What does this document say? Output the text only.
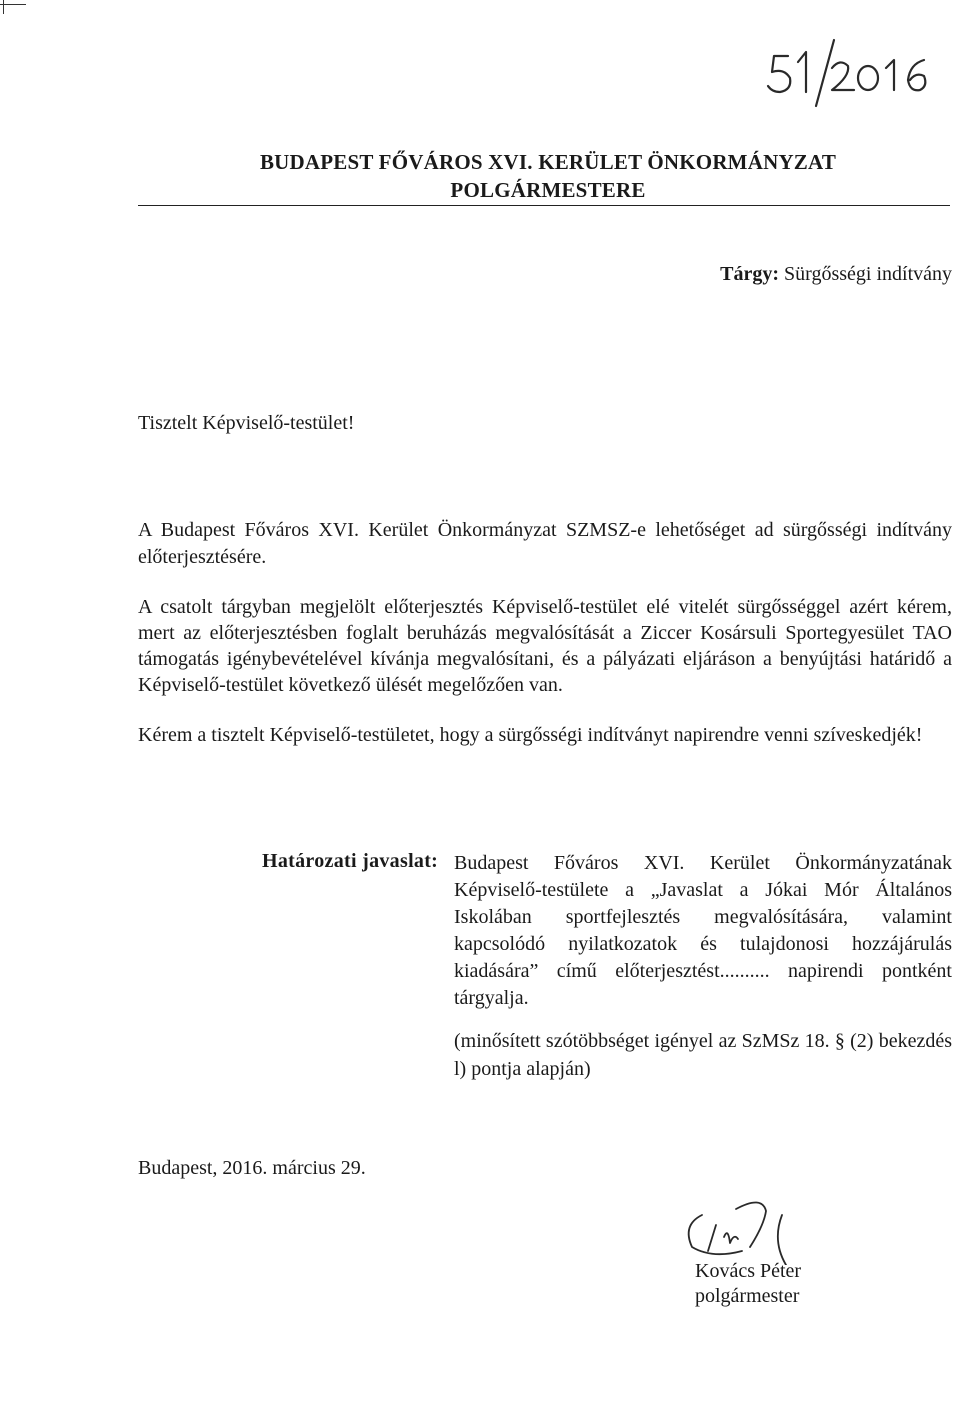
BUDAPEST FŐVÁROS XVI. KERÜLET ÖNKORMÁNYZAT
POLGÁRMESTERE
Tárgy: Sürgősségi indítvány
Tisztelt Képviselő-testület!
A Budapest Főváros XVI. Kerület Önkormányzat SZMSZ-e lehetőséget ad sürgősségi indítvány előterjesztésére.
A csatolt tárgyban megjelölt előterjesztés Képviselő-testület elé vitelét sürgősséggel azért kérem, mert az előterjesztésben foglalt beruházás megvalósítását a Ziccer Kosársuli Sportegyesület TAO támogatás igénybevételével kívánja megvalósítani, és a pályázati eljáráson a benyújtási határidő a Képviselő-testület következő ülését megelőzően van.
Kérem a tisztelt Képviselő-testületet, hogy a sürgősségi indítványt napirendre venni szíveskedjék!
Határozati javaslat: Budapest Főváros XVI. Kerület Önkormányzatának Képviselő-testülete a „Javaslat a Jókai Mór Általános Iskolában sportfejlesztés megvalósítására, valamint kapcsolódó nyilatkozatok és tulajdonosi hozzájárulás kiadására” című előterjesztést.......... napirendi pontként tárgyalja.
(minősített szótöbbséget igényel az SzMSz 18. § (2) bekezdés l) pontja alapján)
Budapest, 2016. március 29.
Kovács Péter
polgármester
